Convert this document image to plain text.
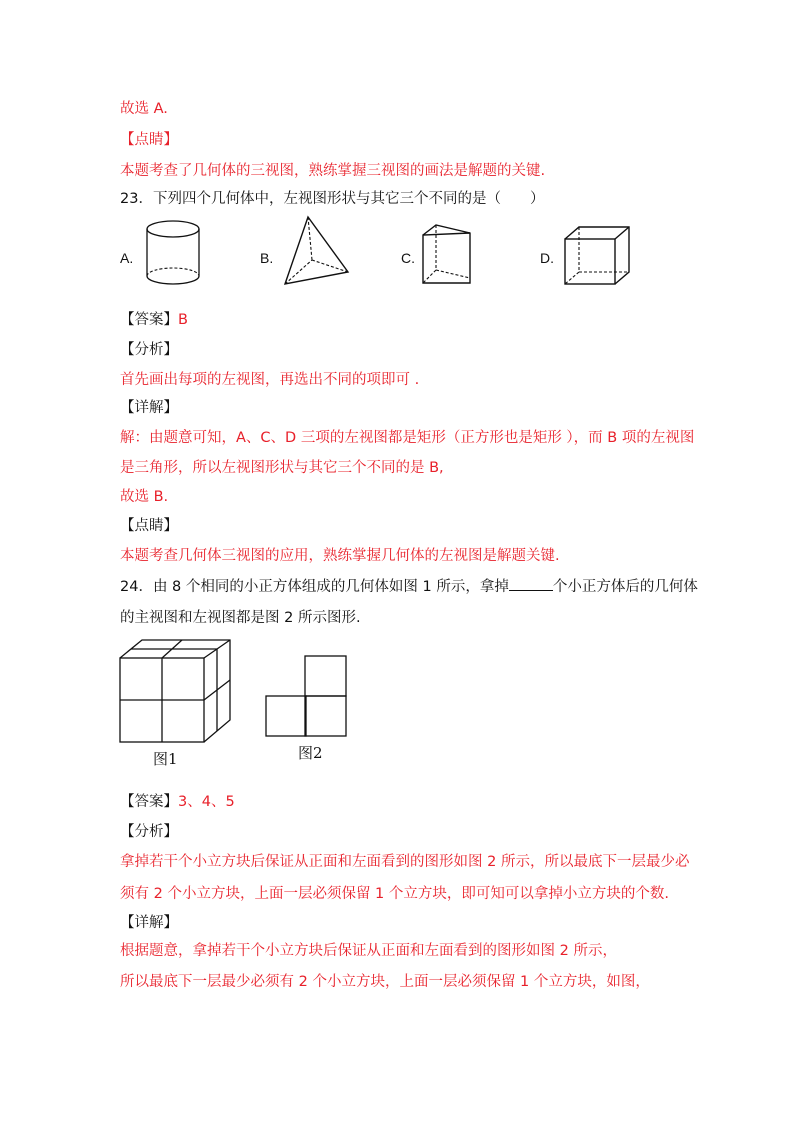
故选 A.
【点睛】
本题考查了几何体的三视图，熟练掌握三视图的画法是解题的关键.
23．下列四个几何体中，左视图形状与其它三个不同的是（　　）
A.	B.	C.	D.
【答案】B
【分析】
首先画出每项的左视图，再选出不同的项即可 .
【详解】
解：由题意可知，A、C、D 三项的左视图都是矩形（正方形也是矩形 ），而 B 项的左视图
是三角形，所以左视图形状与其它三个不同的是 B,
故选 B.
【点睛】
本题考查几何体三视图的应用，熟练掌握几何体的左视图是解题关键.
24．由 8 个相同的小正方体组成的几何体如图 1 所示，拿掉	个小正方体后的几何体
的主视图和左视图都是图 2 所示图形.
图1	图2
【答案】3、4、5
【分析】
拿掉若干个小立方块后保证从正面和左面看到的图形如图 2 所示，所以最底下一层最少必
须有 2 个小立方块，上面一层必须保留 1 个立方块，即可知可以拿掉小立方块的个数.
【详解】
根据题意，拿掉若干个小立方块后保证从正面和左面看到的图形如图 2 所示，
所以最底下一层最少必须有 2 个小立方块，上面一层必须保留 1 个立方块，如图，
